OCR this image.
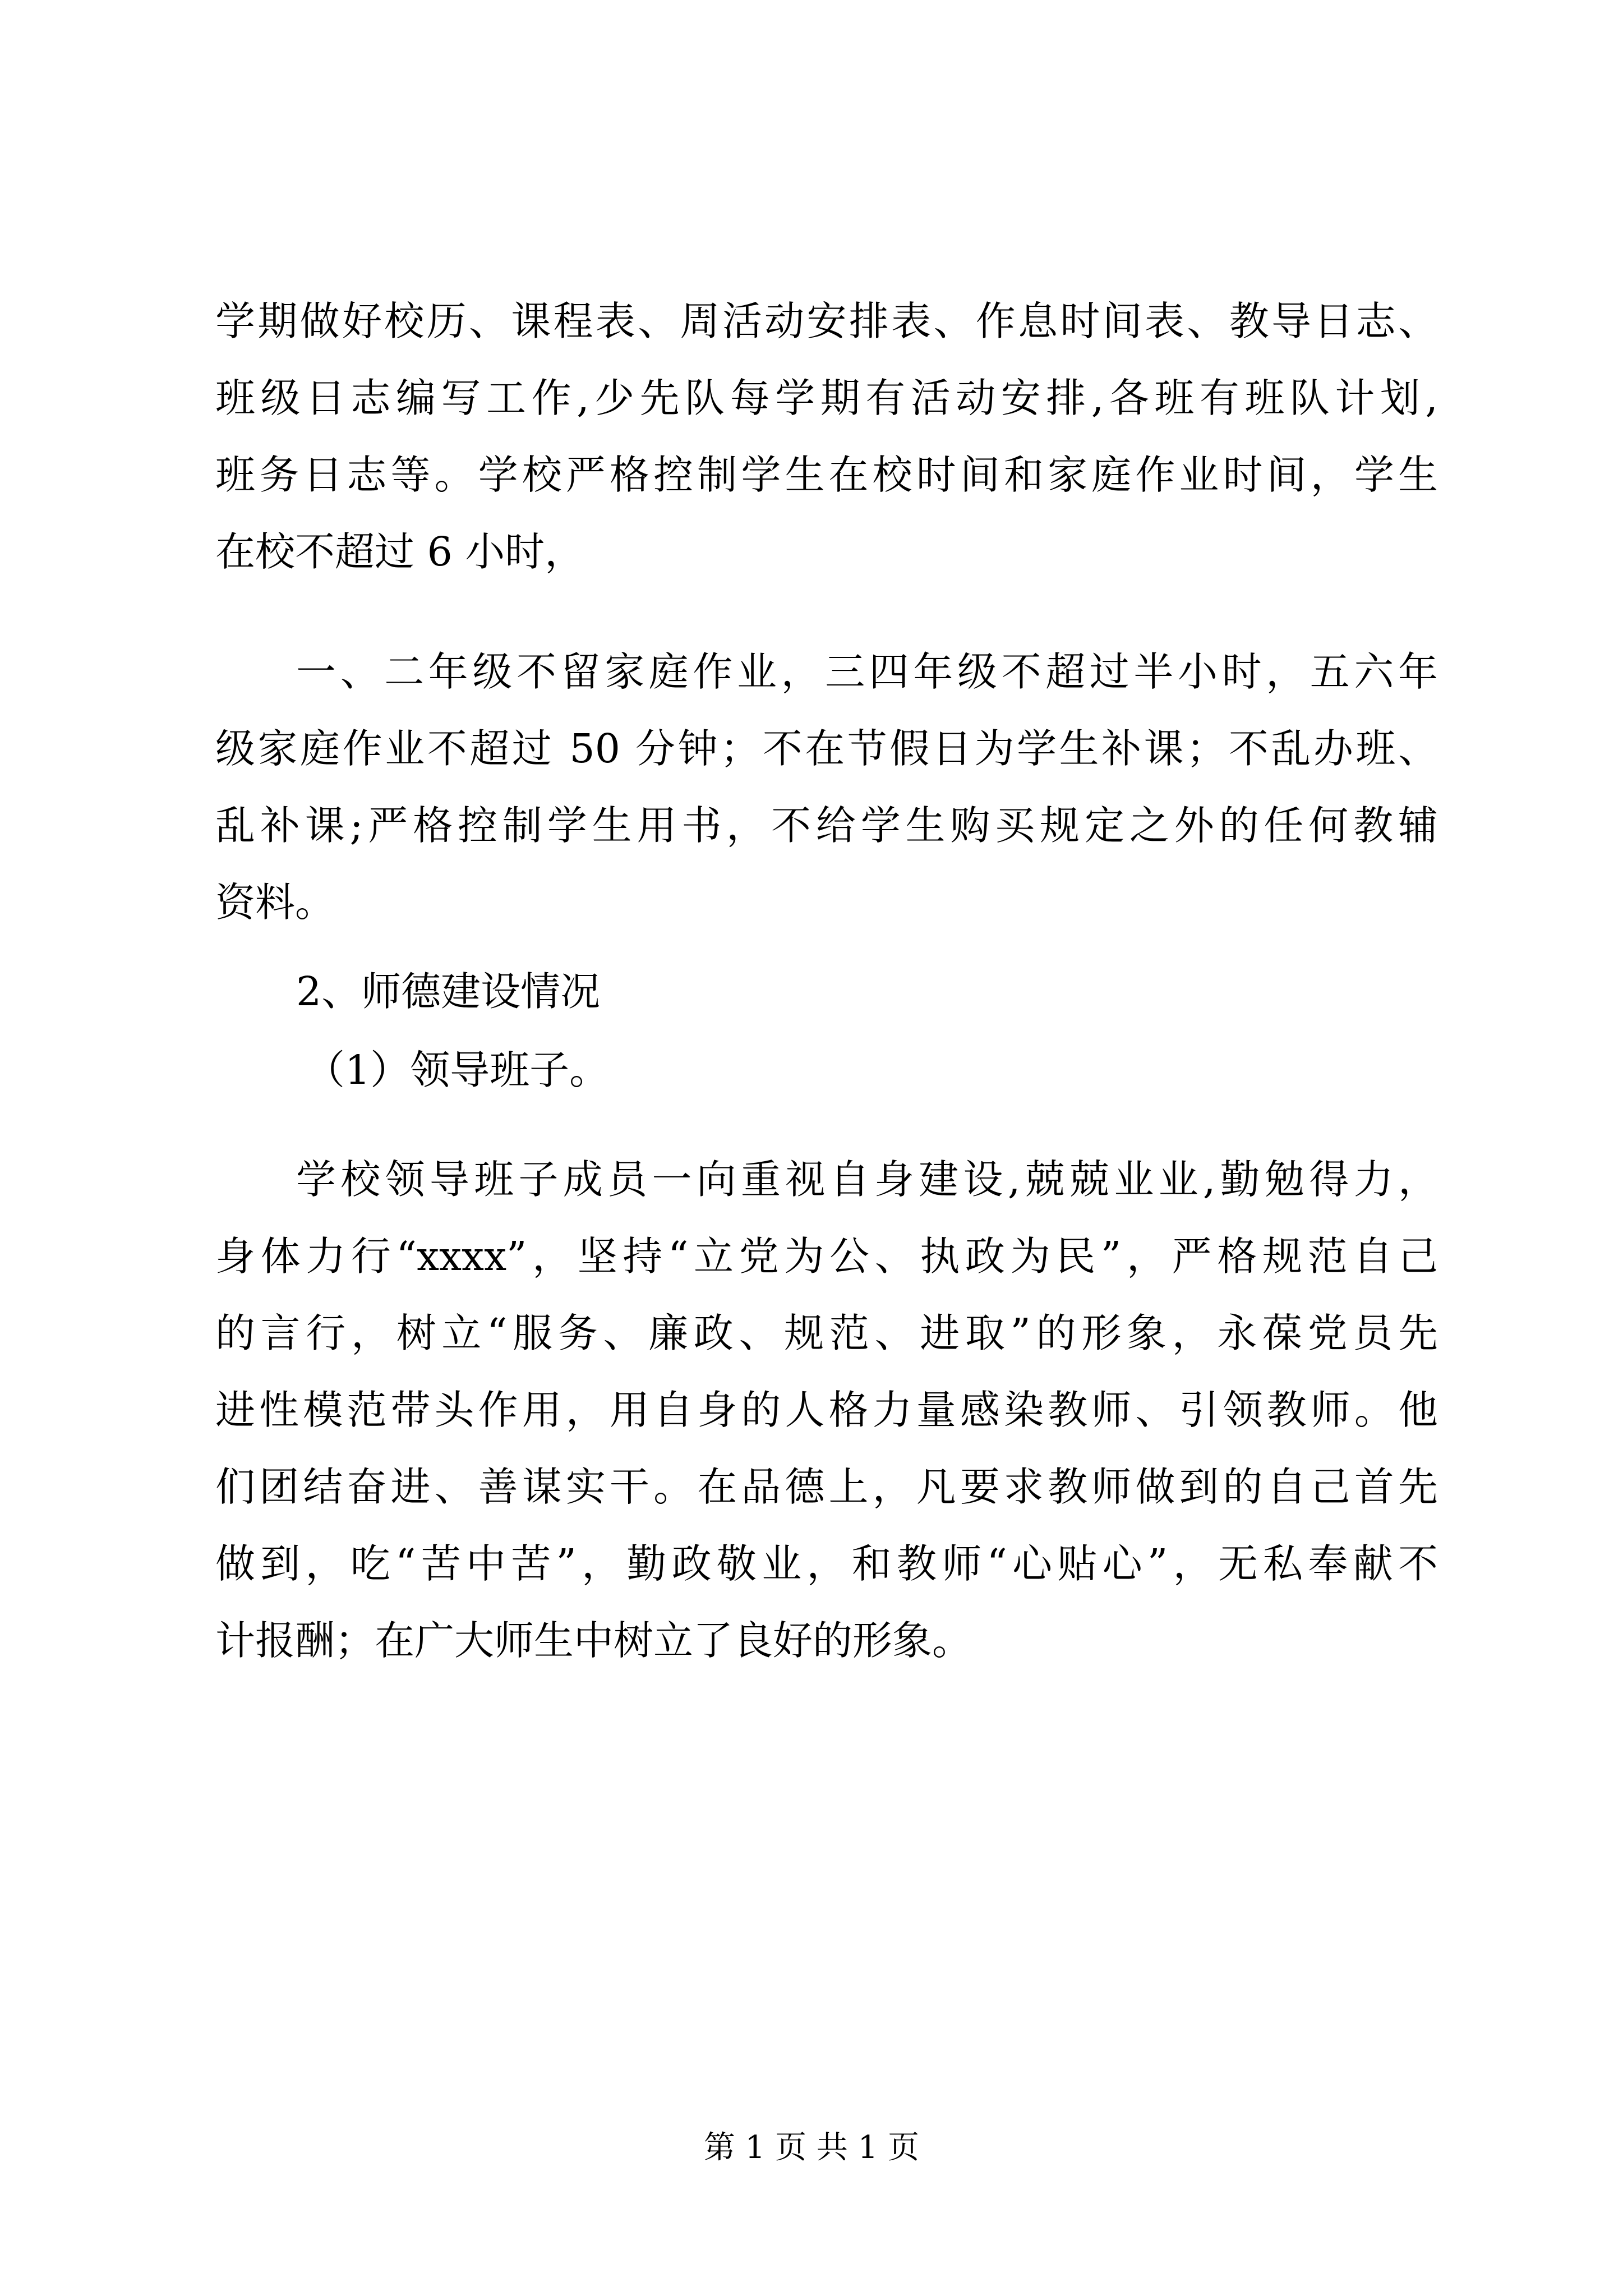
学期做好校历、课程表、周活动安排表、作息时间表、教导日志、
班级日志编写工作,少先队每学期有活动安排,各班有班队计划,
班务日志等。学校严格控制学生在校时间和家庭作业时间，学生
在校不超过 6 小时，
一、二年级不留家庭作业，三四年级不超过半小时，五六年
级家庭作业不超过 50 分钟；不在节假日为学生补课；不乱办班、
乱补课;严格控制学生用书，不给学生购买规定之外的任何教辅
资料。
2、师德建设情况
（1）领导班子。
学校领导班子成员一向重视自身建设,兢兢业业,勤勉得力，
身体力行“xxxx”，坚持“立党为公、执政为民”，严格规范自己
的言行，树立“服务、廉政、规范、进取”的形象，永葆党员先
进性模范带头作用，用自身的人格力量感染教师、引领教师。他
们团结奋进、善谋实干。在品德上，凡要求教师做到的自己首先
做到，吃“苦中苦”，勤政敬业，和教师“心贴心”，无私奉献不
计报酬；在广大师生中树立了良好的形象。
第 1 页 共 1 页
